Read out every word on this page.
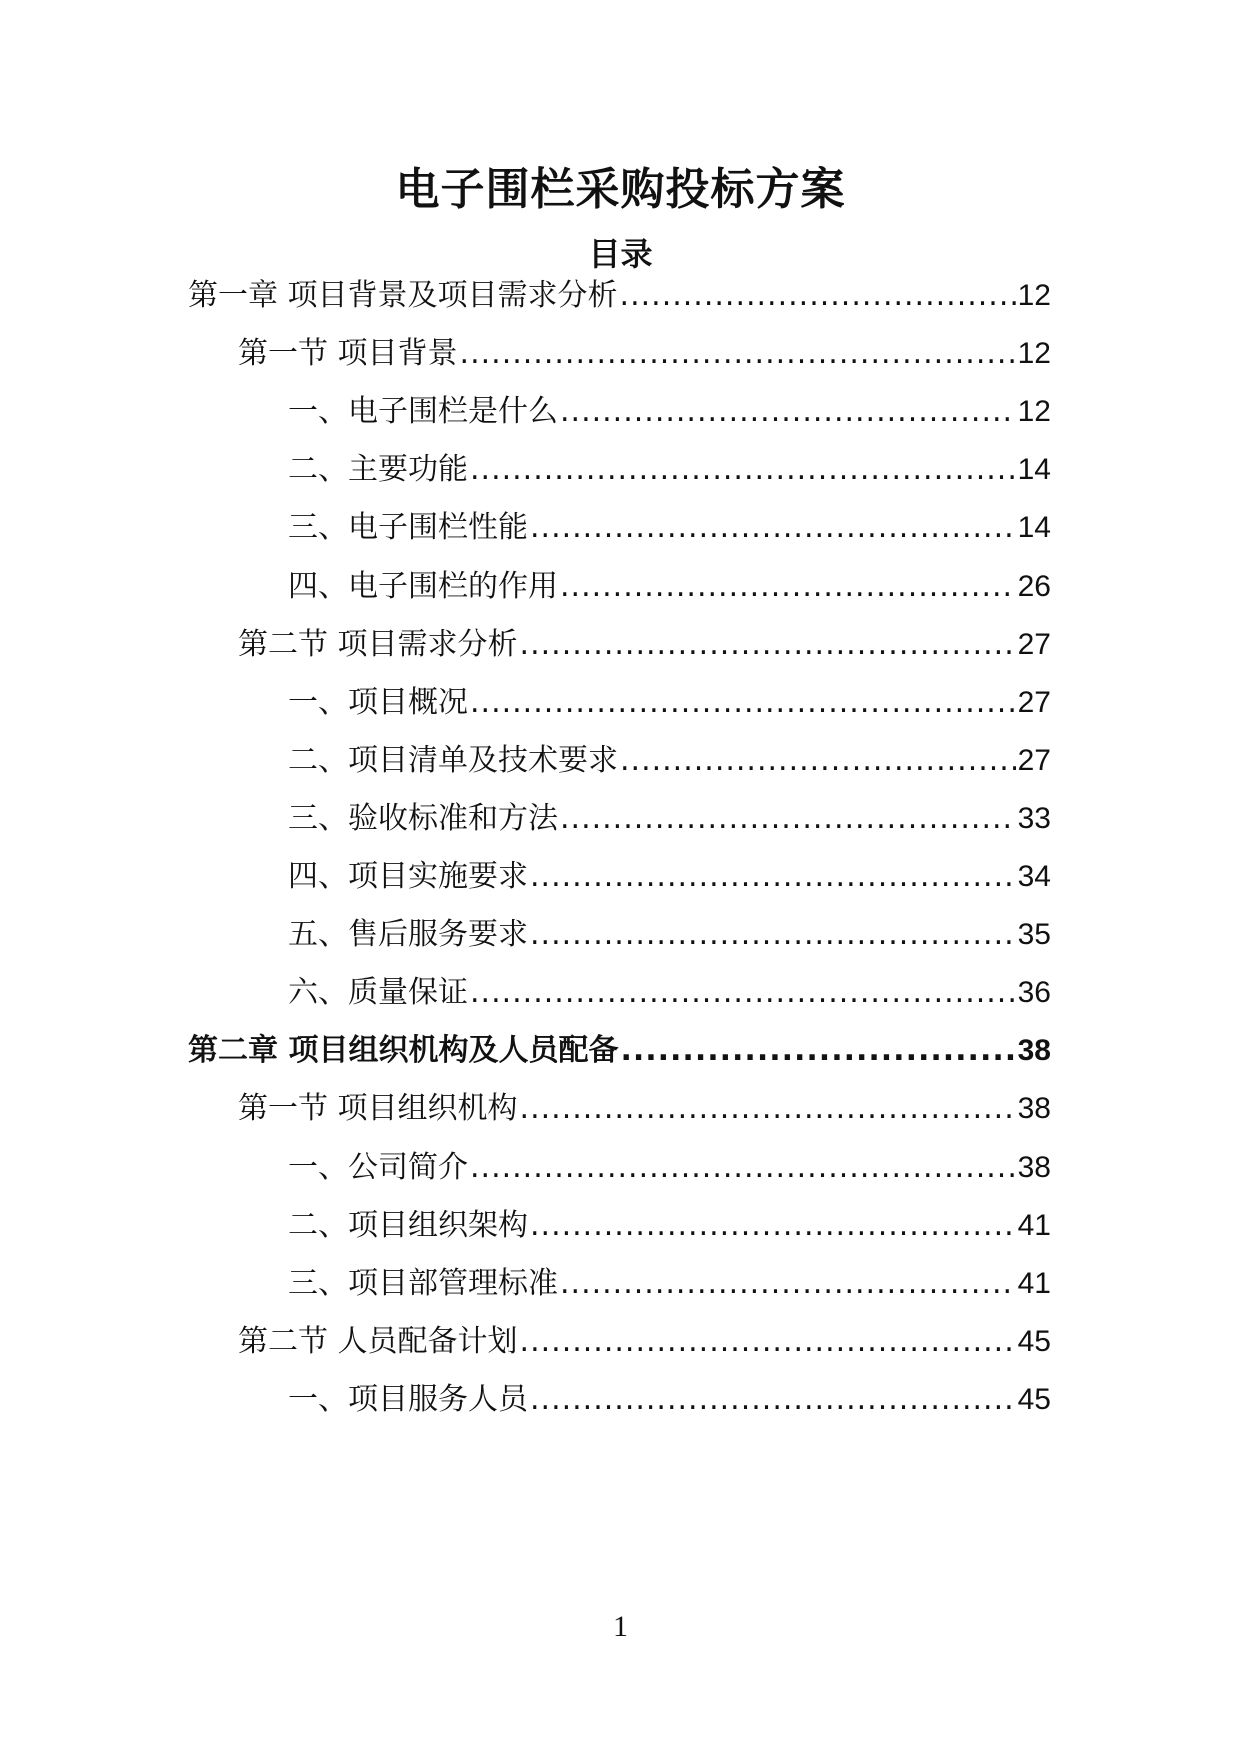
电子围栏采购投标方案
目录
第一章 项目背景及项目需求分析 .....	12
第一节 项目背景 .....	12
一、电子围栏是什么 .....	12
二、主要功能 .....	14
三、电子围栏性能 .....	14
四、电子围栏的作用 .....	26
第二节 项目需求分析 .....	27
一、项目概况 .....	27
二、项目清单及技术要求 .....	27
三、验收标准和方法 .....	33
四、项目实施要求 .....	34
五、售后服务要求 .....	35
六、质量保证 .....	36
第二章 项目组织机构及人员配备 .....	38
第一节 项目组织机构 .....	38
一、公司简介 .....	38
二、项目组织架构 .....	41
三、项目部管理标准 .....	41
第二节 人员配备计划 .....	45
一、项目服务人员 .....	45
1
